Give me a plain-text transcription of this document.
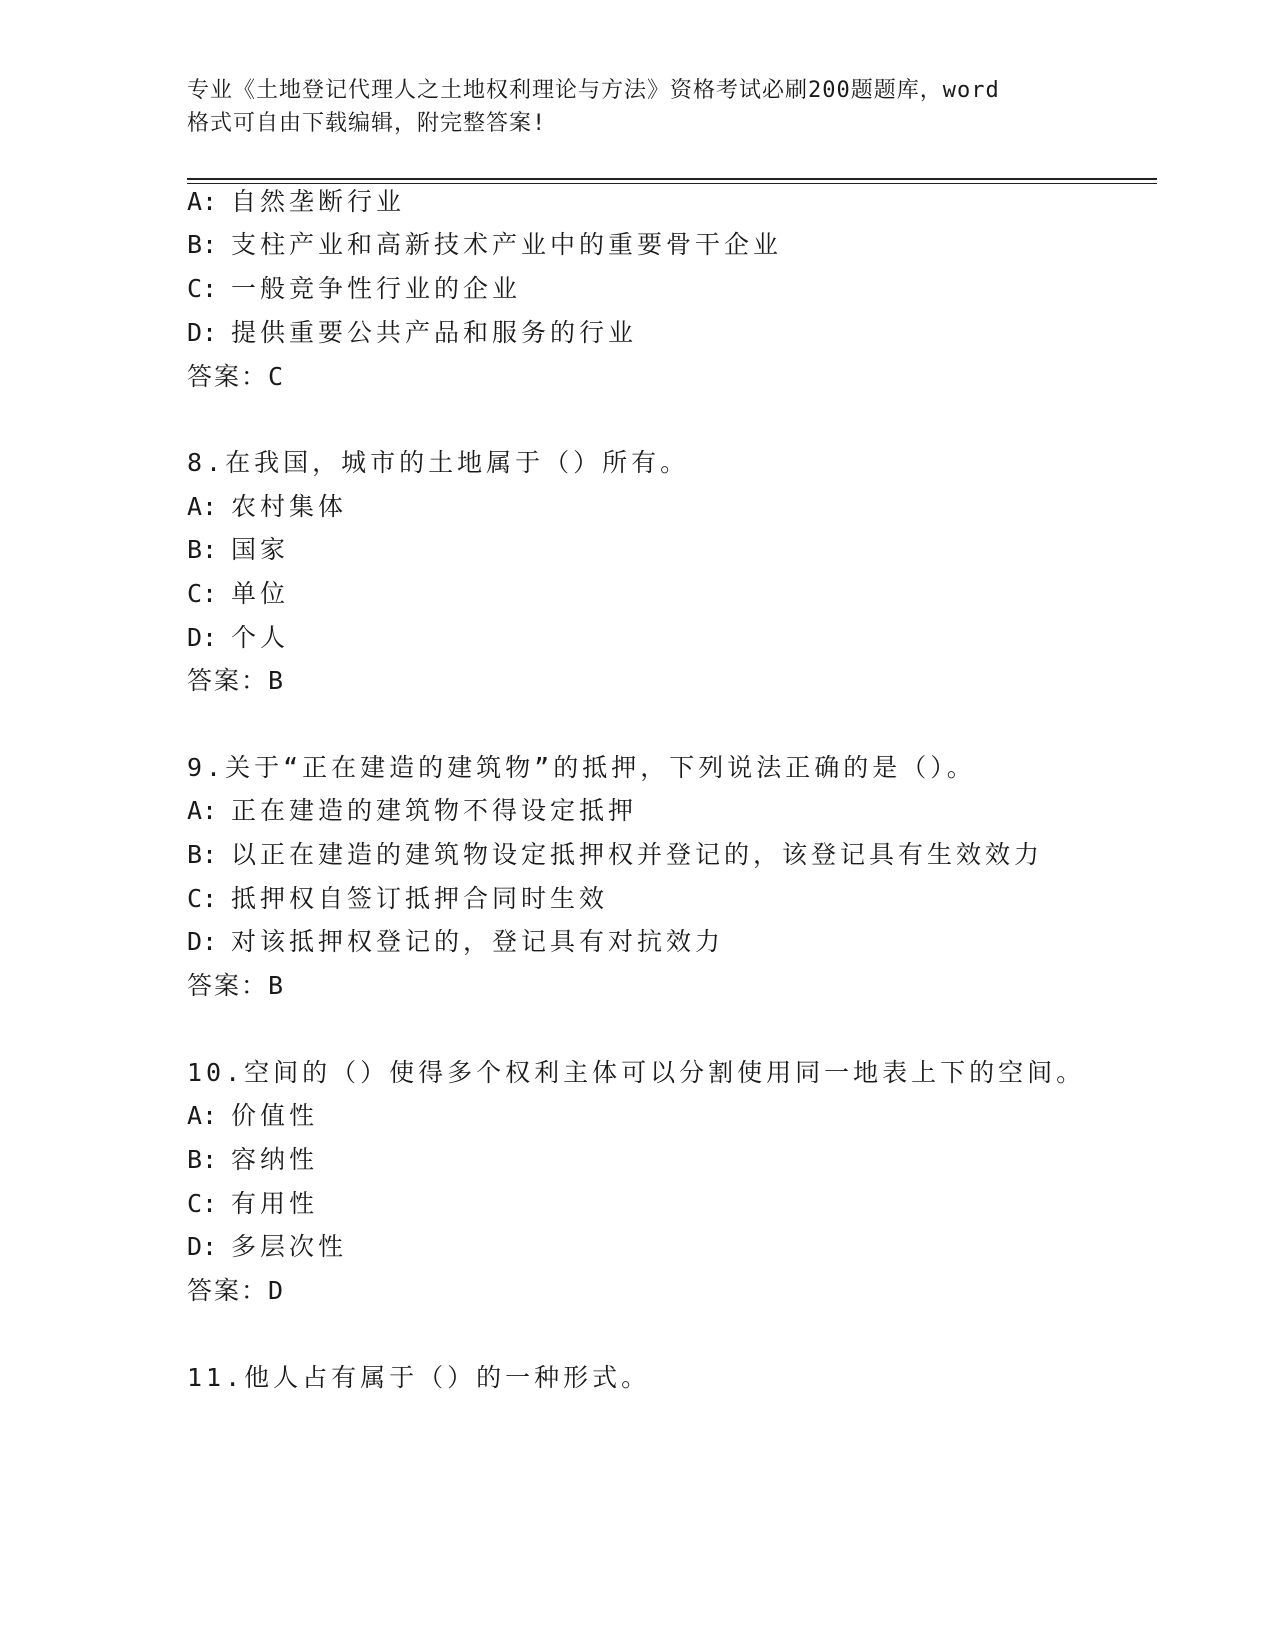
专业《土地登记代理人之土地权利理论与方法》资格考试必刷200题题库，word
格式可自由下载编辑，附完整答案!
A: 自然垄断行业
B: 支柱产业和高新技术产业中的重要骨干企业
C: 一般竞争性行业的企业
D: 提供重要公共产品和服务的行业
答案：C
8.在我国，城市的土地属于（）所有。
A: 农村集体
B: 国家
C: 单位
D: 个人
答案：B
9.关于“正在建造的建筑物”的抵押，下列说法正确的是（）。
A: 正在建造的建筑物不得设定抵押
B: 以正在建造的建筑物设定抵押权并登记的，该登记具有生效效力
C: 抵押权自签订抵押合同时生效
D: 对该抵押权登记的，登记具有对抗效力
答案：B
10.空间的（）使得多个权利主体可以分割使用同一地表上下的空间。
A: 价值性
B: 容纳性
C: 有用性
D: 多层次性
答案：D
11.他人占有属于（）的一种形式。
